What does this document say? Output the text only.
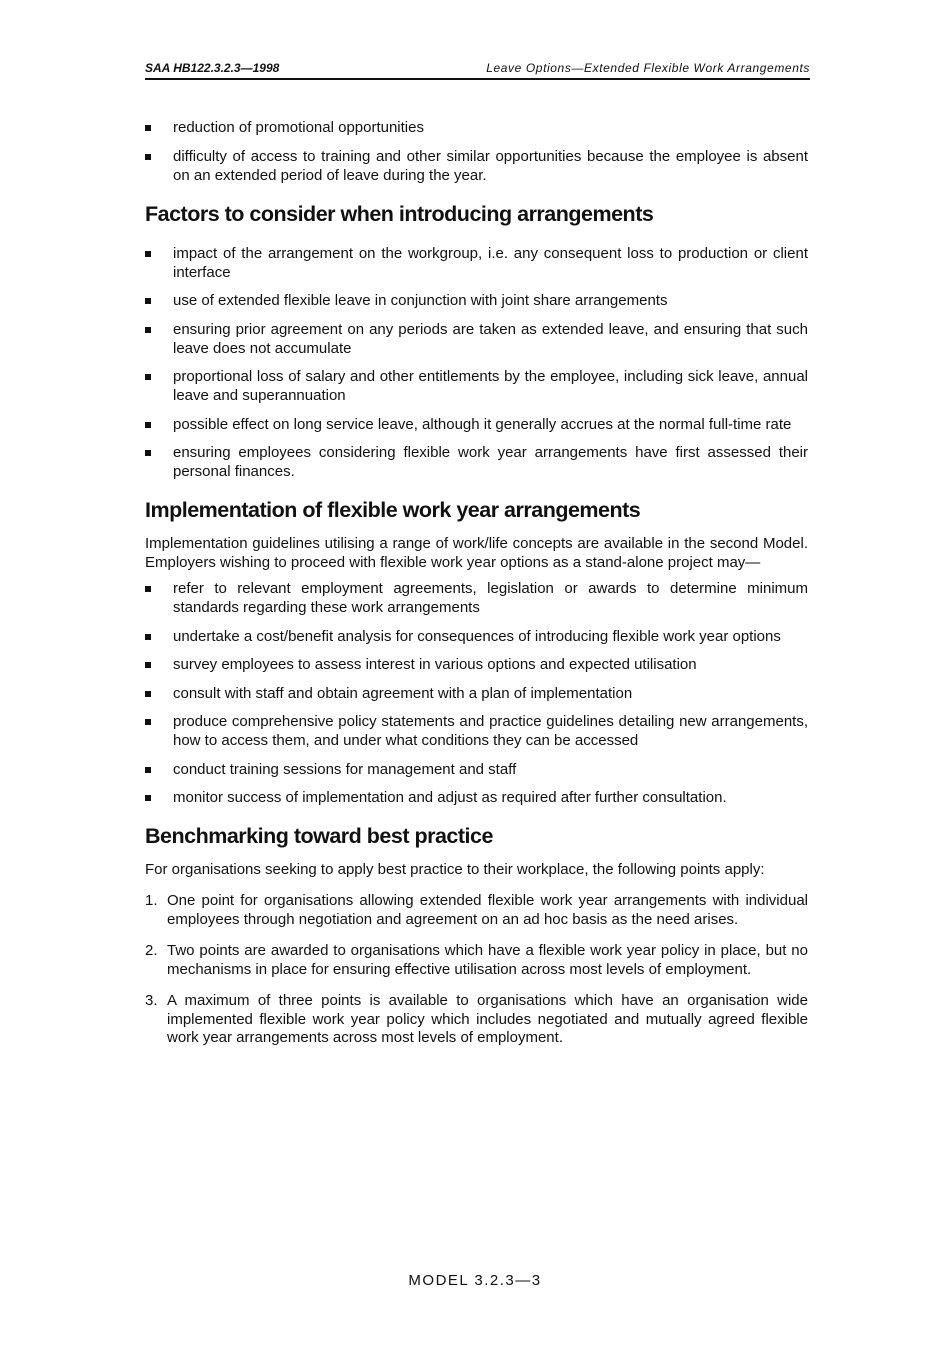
SAA HB122.3.2.3—1998	Leave Options—Extended Flexible Work Arrangements
reduction of promotional opportunities
difficulty of access to training and other similar opportunities because the employee is absent on an extended period of leave during the year.
Factors to consider when introducing arrangements
impact of the arrangement on the workgroup, i.e. any consequent loss to production or client interface
use of extended flexible leave in conjunction with joint share arrangements
ensuring prior agreement on any periods are taken as extended leave, and ensuring that such leave does not accumulate
proportional loss of salary and other entitlements by the employee, including sick leave, annual leave and superannuation
possible effect on long service leave, although it generally accrues at the normal full-time rate
ensuring employees considering flexible work year arrangements have first assessed their personal finances.
Implementation of flexible work year arrangements

Implementation guidelines utilising a range of work/life concepts are available in the second Model. Employers wishing to proceed with flexible work year options as a stand-alone project may—

refer to relevant employment agreements, legislation or awards to determine minimum standards regarding these work arrangements
undertake a cost/benefit analysis for consequences of introducing flexible work year options
survey employees to assess interest in various options and expected utilisation
consult with staff and obtain agreement with a plan of implementation
produce comprehensive policy statements and practice guidelines detailing new arrangements, how to access them, and under what conditions they can be accessed
conduct training sessions for management and staff
monitor success of implementation and adjust as required after further consultation.
Benchmarking toward best practice

For organisations seeking to apply best practice to their workplace, the following points apply:

1. One point for organisations allowing extended flexible work year arrangements with individual employees through negotiation and agreement on an ad hoc basis as the need arises.
2. Two points are awarded to organisations which have a flexible work year policy in place, but no mechanisms in place for ensuring effective utilisation across most levels of employment.
3. A maximum of three points is available to organisations which have an organisation wide implemented flexible work year policy which includes negotiated and mutually agreed flexible work year arrangements across most levels of employment.
MODEL 3.2.3—3
